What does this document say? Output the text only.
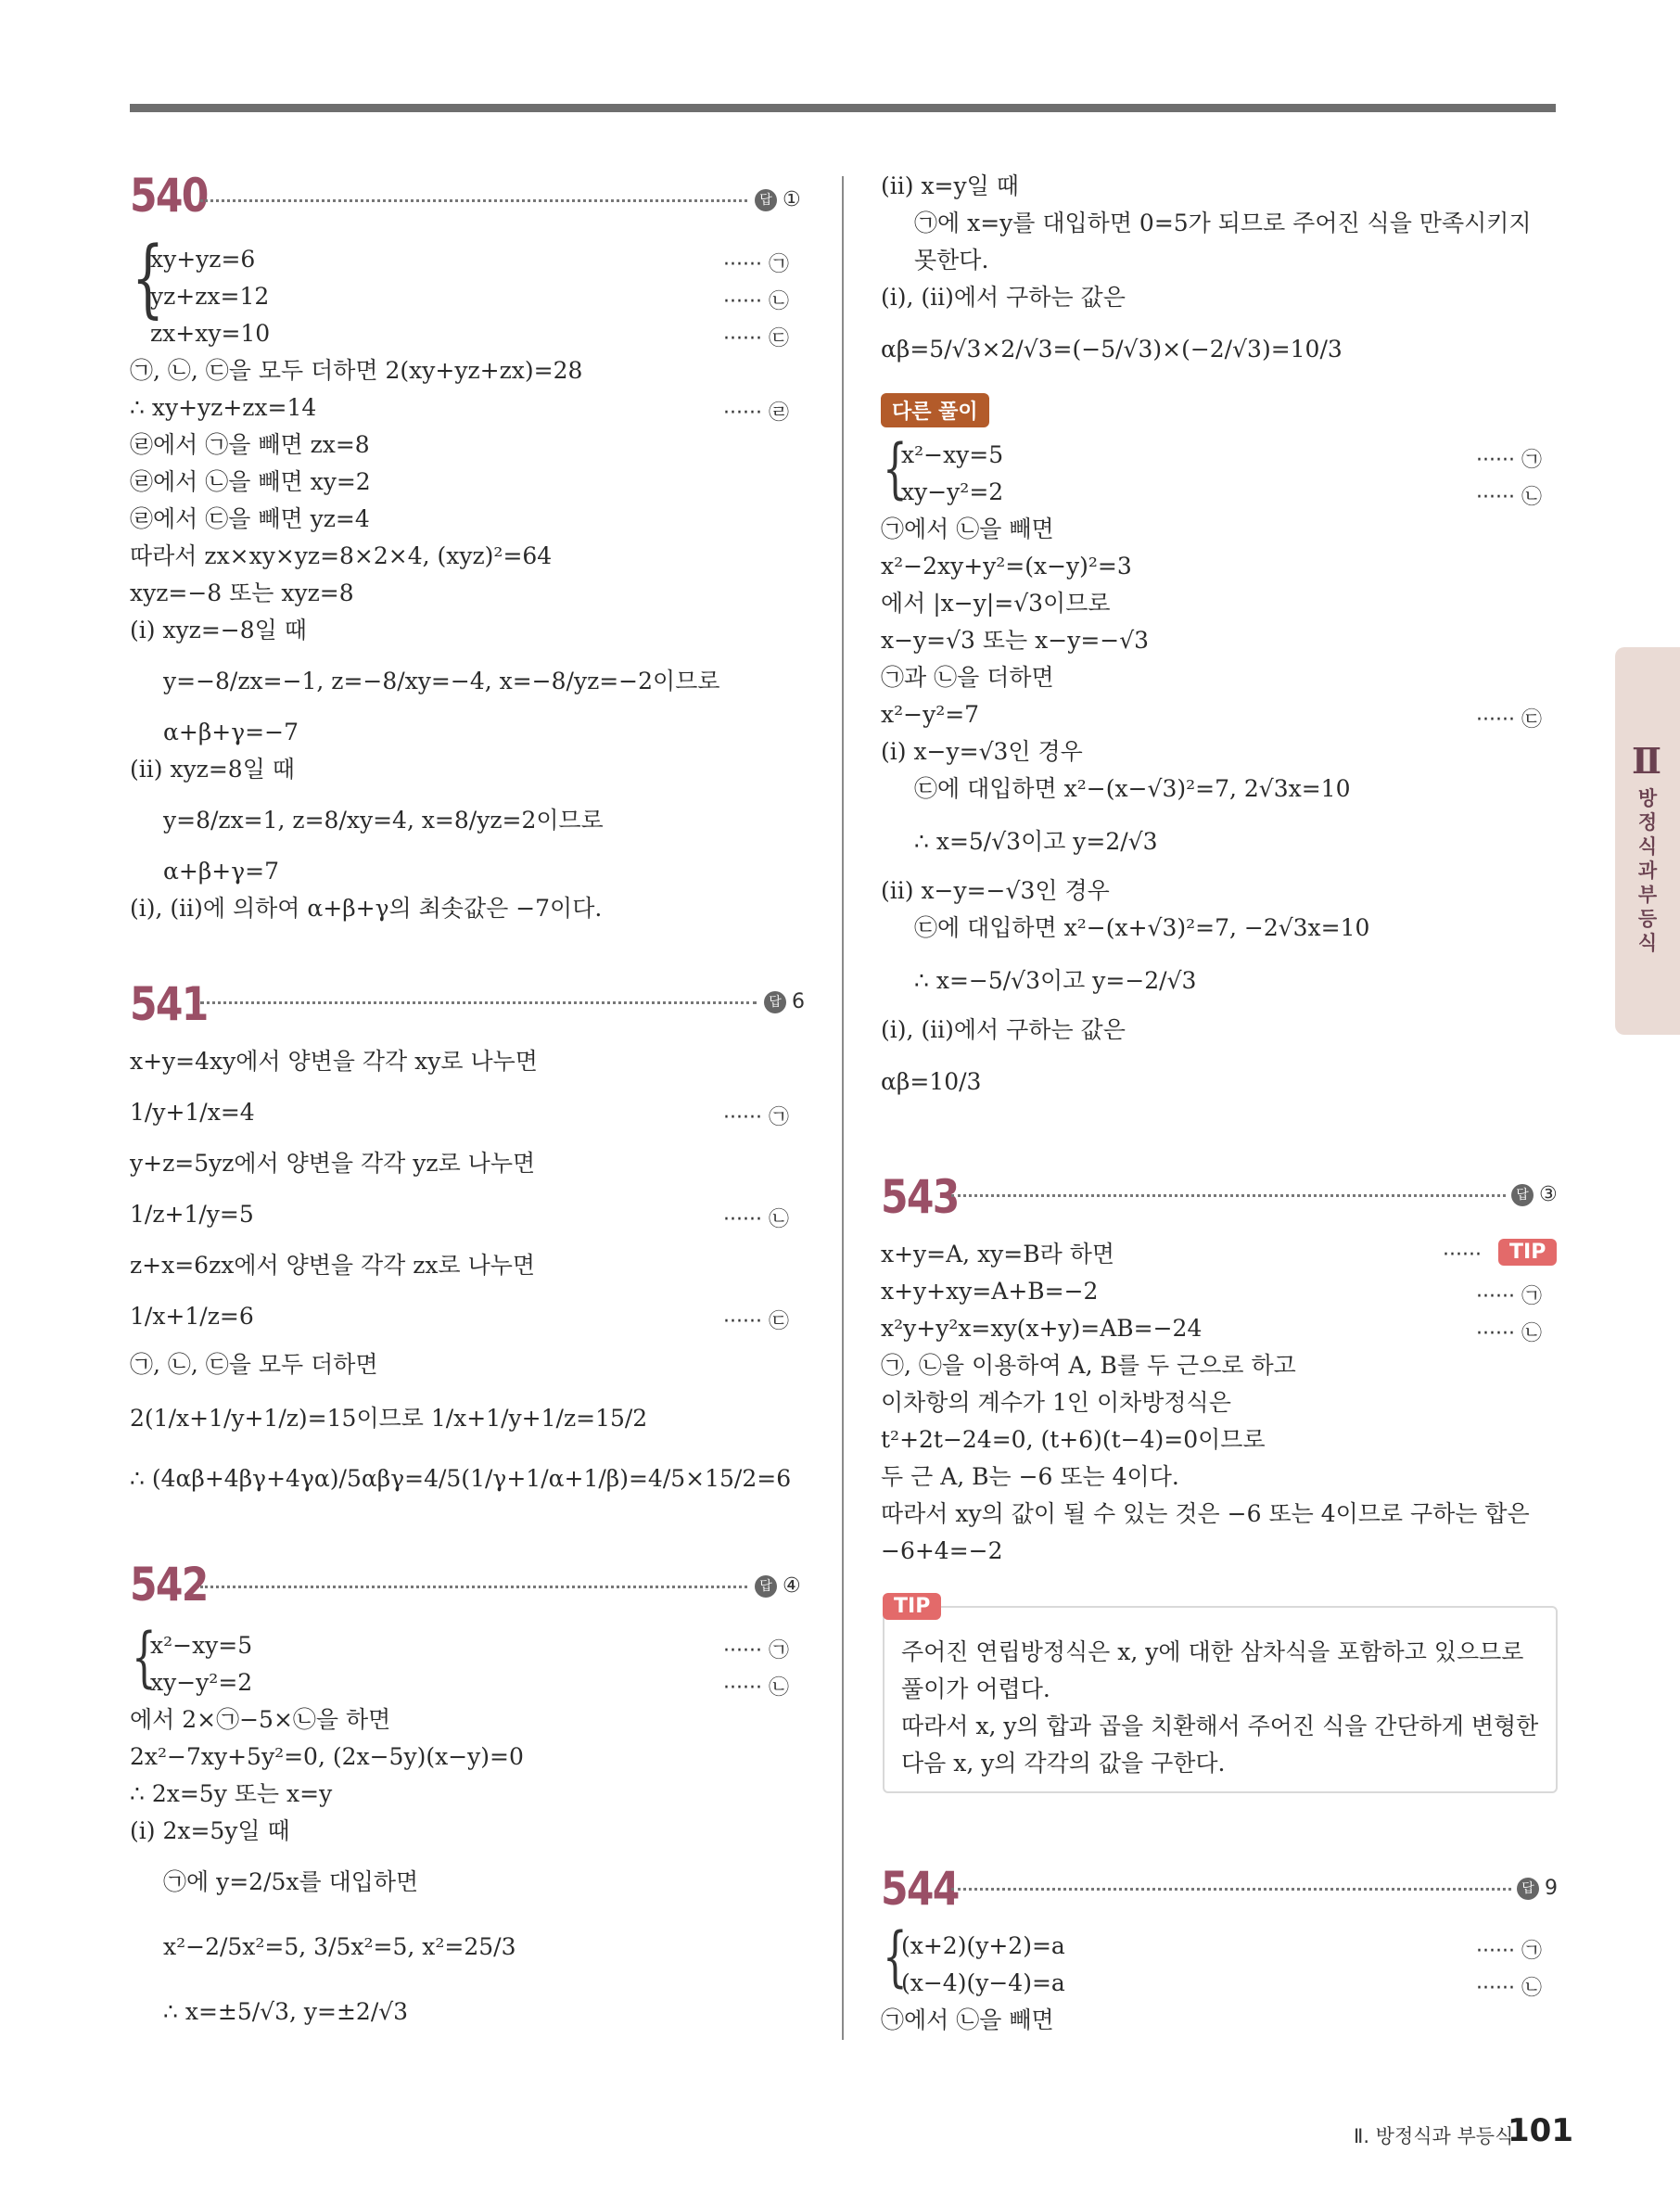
540	답 ①
{
xy+yz=6	······ ㉠
yz+zx=12	······ ㉡
zx+xy=10	······ ㉢
㉠, ㉡, ㉢을 모두 더하면 2(xy+yz+zx)=28
∴ xy+yz+zx=14	······ ㉣
㉣에서 ㉠을 빼면 zx=8
㉣에서 ㉡을 빼면 xy=2
㉣에서 ㉢을 빼면 yz=4
따라서 zx×xy×yz=8×2×4, (xyz)²=64
xyz=−8 또는 xyz=8
(ⅰ) xyz=−8일 때
y=−8/zx=−1, z=−8/xy=−4, x=−8/yz=−2이므로
α+β+γ=−7
(ⅱ) xyz=8일 때
y=8/zx=1, z=8/xy=4, x=8/yz=2이므로
α+β+γ=7
(ⅰ), (ⅱ)에 의하여 α+β+γ의 최솟값은 −7이다.
541	답 6
x+y=4xy에서 양변을 각각 xy로 나누면
1/y+1/x=4	······ ㉠
y+z=5yz에서 양변을 각각 yz로 나누면
1/z+1/y=5	······ ㉡
z+x=6zx에서 양변을 각각 zx로 나누면
1/x+1/z=6	······ ㉢
㉠, ㉡, ㉢을 모두 더하면
2(1/x+1/y+1/z)=15이므로 1/x+1/y+1/z=15/2
∴ (4αβ+4βγ+4γα)/5αβγ=4/5(1/γ+1/α+1/β)=4/5×15/2=6
542	답 ④
{
x²−xy=5	······ ㉠
xy−y²=2	······ ㉡
에서 2×㉠−5×㉡을 하면
2x²−7xy+5y²=0, (2x−5y)(x−y)=0
∴ 2x=5y 또는 x=y
(ⅰ) 2x=5y일 때
㉠에 y=2/5x를 대입하면
x²−2/5x²=5, 3/5x²=5, x²=25/3
∴ x=±5/√3, y=±2/√3
(ⅱ) x=y일 때
㉠에 x=y를 대입하면 0=5가 되므로 주어진 식을 만족시키지
못한다.
(ⅰ), (ⅱ)에서 구하는 값은
αβ=5/√3×2/√3=(−5/√3)×(−2/√3)=10/3
다른 풀이
{
x²−xy=5	······ ㉠
xy−y²=2	······ ㉡
㉠에서 ㉡을 빼면
x²−2xy+y²=(x−y)²=3
에서 |x−y|=√3이므로
x−y=√3 또는 x−y=−√3
㉠과 ㉡을 더하면
x²−y²=7	······ ㉢
(ⅰ) x−y=√3인 경우
㉢에 대입하면 x²−(x−√3)²=7, 2√3x=10
∴ x=5/√3이고 y=2/√3
(ⅱ) x−y=−√3인 경우
㉢에 대입하면 x²−(x+√3)²=7, −2√3x=10
∴ x=−5/√3이고 y=−2/√3
(ⅰ), (ⅱ)에서 구하는 값은
αβ=10/3
543	답 ③
x+y=A, xy=B라 하면	······	TIP
x+y+xy=A+B=−2	······ ㉠
x²y+y²x=xy(x+y)=AB=−24	······ ㉡
㉠, ㉡을 이용하여 A, B를 두 근으로 하고
이차항의 계수가 1인 이차방정식은
t²+2t−24=0, (t+6)(t−4)=0이므로
두 근 A, B는 −6 또는 4이다.
따라서 xy의 값이 될 수 있는 것은 −6 또는 4이므로 구하는 합은
−6+4=−2
TIP
주어진 연립방정식은 x, y에 대한 삼차식을 포함하고 있으므로
풀이가 어렵다.
따라서 x, y의 합과 곱을 치환해서 주어진 식을 간단하게 변형한
다음 x, y의 각각의 값을 구한다.
544	답 9
{
(x+2)(y+2)=a	······ ㉠
(x−4)(y−4)=a	······ ㉡
㉠에서 ㉡을 빼면
Ⅱ
방정식과부등식
Ⅱ. 방정식과 부등식
101
